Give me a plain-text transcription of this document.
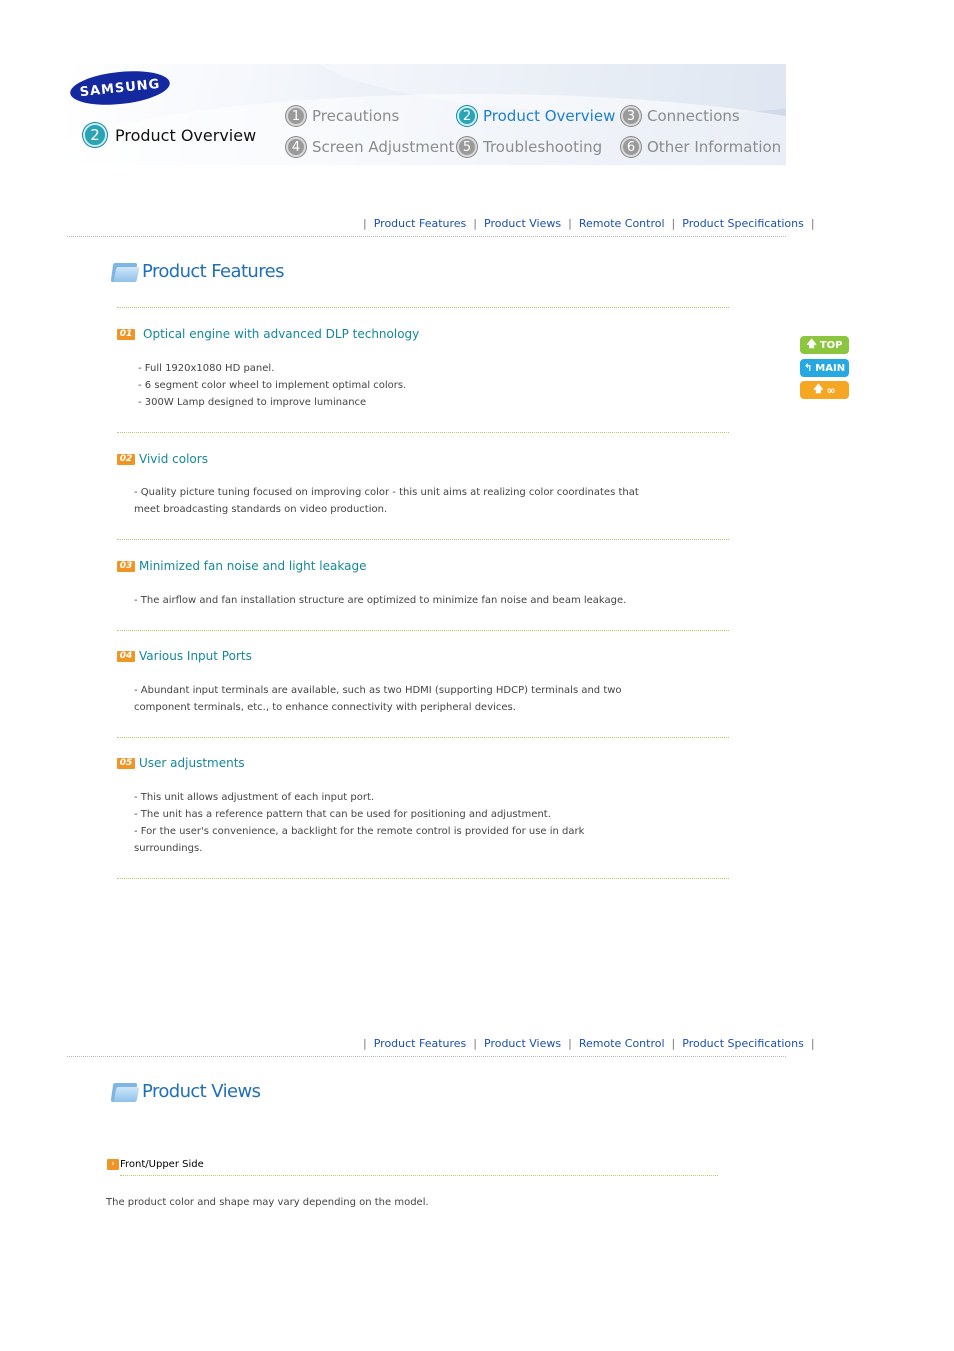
SAMSUNG
2 Product Overview
1 Precautions	2 Product Overview 3 Connections
4 Screen Adjustment 5 Troubleshooting	6 Other Information
| Product Features | Product Views | Remote Control | Product Specifications |
Product Features
01 Optical engine with advanced DLP technology
- Full 1920x1080 HD panel.
- 6 segment color wheel to implement optimal colors.
- 300W Lamp designed to improve luminance
02 Vivid colors
- Quality picture tuning focused on improving color - this unit aims at realizing color coordinates that
meet broadcasting standards on video production.
03 Minimized fan noise and light leakage
- The airflow and fan installation structure are optimized to minimize fan noise and beam leakage.
04 Various Input Ports
- Abundant input terminals are available, such as two HDMI (supporting HDCP) terminals and two
component terminals, etc., to enhance connectivity with peripheral devices.
05 User adjustments
- This unit allows adjustment of each input port.
- The unit has a reference pattern that can be used for positioning and adjustment.
- For the user's convenience, a backlight for the remote control is provided for use in dark
surroundings.
🡅 TOP
↰ MAIN
🡅 ∞
| Product Features | Product Views | Remote Control | Product Specifications |
Product Views
› Front/Upper Side
The product color and shape may vary depending on the model.
